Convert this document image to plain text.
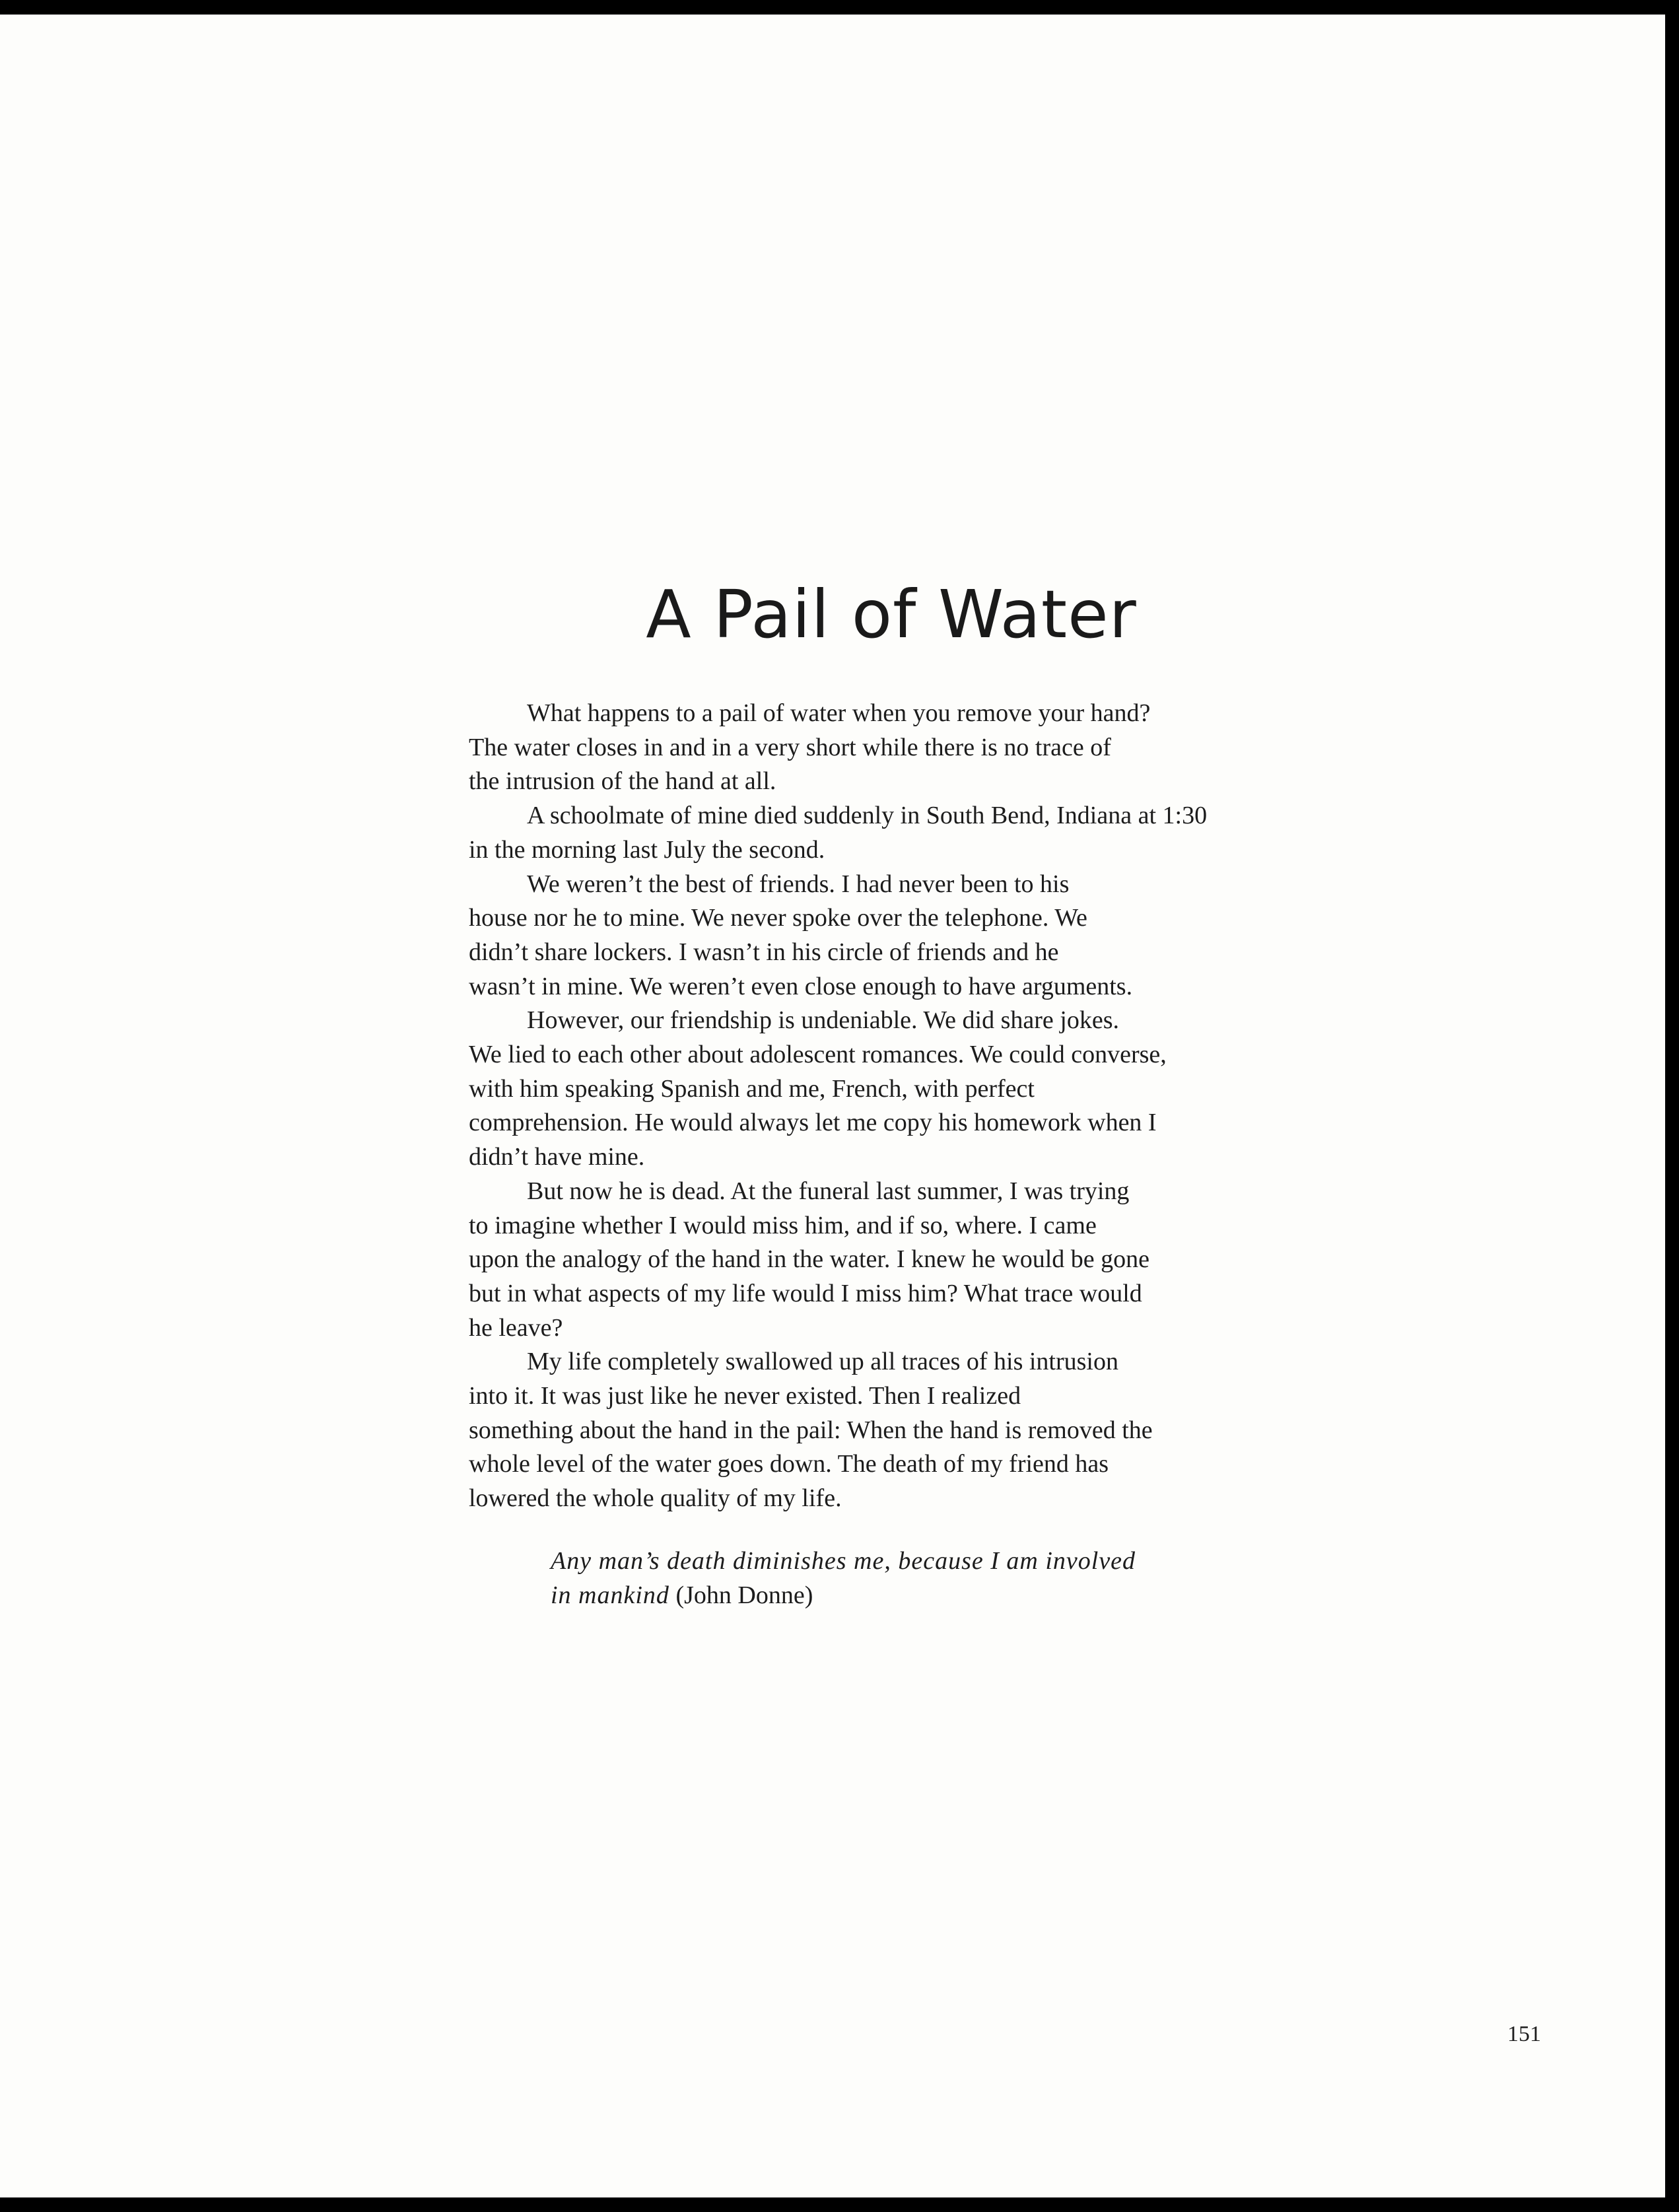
A Pail of Water
What happens to a pail of water when you remove your hand?
The water closes in and in a very short while there is no trace of
the intrusion of the hand at all.
A schoolmate of mine died suddenly in South Bend, Indiana at 1:30
in the morning last July the second.
We weren’t the best of friends. I had never been to his
house nor he to mine. We never spoke over the telephone. We
didn’t share lockers. I wasn’t in his circle of friends and he
wasn’t in mine. We weren’t even close enough to have arguments.
However, our friendship is undeniable. We did share jokes.
We lied to each other about adolescent romances. We could converse,
with him speaking Spanish and me, French, with perfect
comprehension. He would always let me copy his homework when I
didn’t have mine.
But now he is dead. At the funeral last summer, I was trying
to imagine whether I would miss him, and if so, where. I came
upon the analogy of the hand in the water. I knew he would be gone
but in what aspects of my life would I miss him? What trace would
he leave?
My life completely swallowed up all traces of his intrusion
into it. It was just like he never existed. Then I realized
something about the hand in the pail: When the hand is removed the
whole level of the water goes down. The death of my friend has
lowered the whole quality of my life.
Any man’s death diminishes me, because I am involved
in mankind (John Donne)
151
